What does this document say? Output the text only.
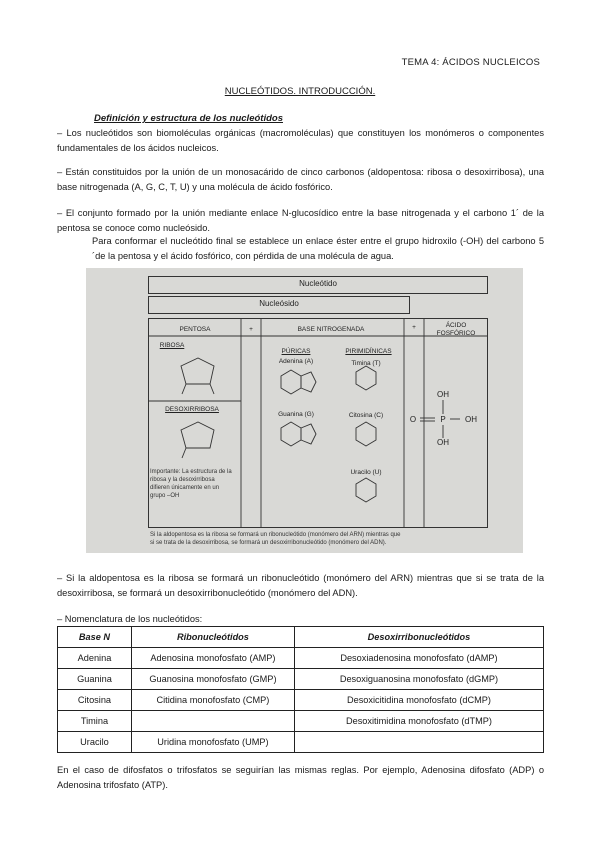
TEMA 4: ÁCIDOS NUCLEICOS
NUCLEÓTIDOS. INTRODUCCIÓN.
Definición y estructura de los nucleótidos
– Los nucleótidos son biomoléculas orgánicas (macromoléculas) que constituyen los monómeros o componentes fundamentales de los ácidos nucleicos.
– Están constituidos por la unión de un monosacárido de cinco carbonos (aldopentosa: ribosa o desoxirribosa), una base nitrogenada (A, G, C, T, U) y una molécula de ácido fosfórico.
– El conjunto formado por la unión mediante enlace N-glucosídico entre la base nitrogenada y el carbono 1´ de la pentosa se conoce como nucleósido.
Para conformar el nucleótido final se establece un enlace éster entre el grupo hidroxilo (-OH) del carbono 5´de la pentosa y el ácido fosfórico, con pérdida de una molécula de agua.
Nucleótido
Nucleósido
PENTOSA	+	BASE NITROGENADA	+	ÁCIDO FOSFÓRICO
RIBOSA
DESOXIRRIBOSA
PÚRICAS	PIRIMIDÍNICAS
Adenina (A)	Timina (T)
Guanina (G)	Citosina (C)
Uracilo (U)
Importante: La estructura de la ribosa y la desoxirribosa difieren únicamente en un grupo –OH
OH
O	P	OH
OH
Si la aldopentosa es la ribosa se formará un ribonucleótido (monómero del ARN) mientras que
si se trata de la desoxirribosa, se formará un desoxirribonucleótido (monómero del ADN).
– Si la aldopentosa es la ribosa se formará un ribonucleótido (monómero del ARN) mientras que si se trata de la desoxirribosa, se formará un desoxirribonucleótido (monómero del ADN).
– Nomenclatura de los nucleótidos:
Base N	Ribonucleótidos	Desoxirribonucleótidos
Adenina	Adenosina monofosfato (AMP)	Desoxiadenosina monofosfato (dAMP)
Guanina	Guanosina monofosfato (GMP)	Desoxiguanosina monofosfato (dGMP)
Citosina	Citidina monofosfato (CMP)	Desoxicitidina monofosfato (dCMP)
Timina		Desoxitimidina monofosfato (dTMP)
Uracilo	Uridina monofosfato (UMP)	
En el caso de difosfatos o trifosfatos se seguirían las mismas reglas. Por ejemplo, Adenosina difosfato (ADP) o Adenosina trifosfato (ATP).
